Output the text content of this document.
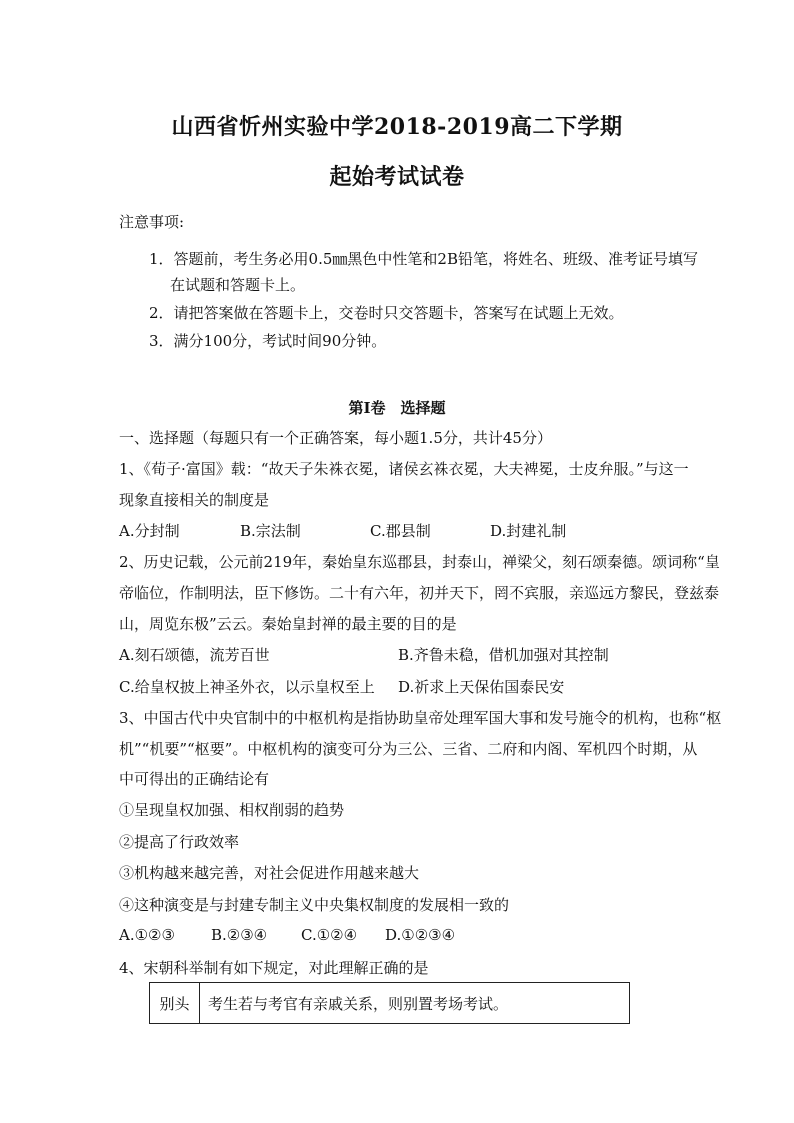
山西省忻州实验中学2018-2019高二下学期
起始考试试卷
注意事项:
1．答题前，考生务必用0.5㎜黑色中性笔和2B铅笔，将姓名、班级、准考证号填写
在试题和答题卡上。
2．请把答案做在答题卡上，交卷时只交答题卡，答案写在试题上无效。
3．满分100分，考试时间90分钟。
第Ⅰ卷　选择题
一、选择题（每题只有一个正确答案，每小题1.5分，共计45分）
1、《荀子·富国》载：“故天子朱袾衣冕，诸侯玄袾衣冕，大夫裨冕，士皮弁服。”与这一
现象直接相关的制度是
A.分封制	B.宗法制	C.郡县制	D.封建礼制
2、历史记载，公元前219年，秦始皇东巡郡县，封泰山，禅梁父，刻石颂秦德。颂词称“皇
帝临位，作制明法，臣下修饬。二十有六年，初并天下，罔不宾服，亲巡远方黎民，登兹泰
山，周览东极”云云。秦始皇封禅的最主要的目的是
A.刻石颂德，流芳百世	B.齐鲁未稳，借机加强对其控制
C.给皇权披上神圣外衣，以示皇权至上 D.祈求上天保佑国泰民安
3、中国古代中央官制中的中枢机构是指协助皇帝处理军国大事和发号施令的机构，也称“枢
机”“机要”“枢要”。中枢机构的演变可分为三公、三省、二府和内阁、军机四个时期，从
中可得出的正确结论有
①呈现皇权加强、相权削弱的趋势
②提高了行政效率
③机构越来越完善，对社会促进作用越来越大
④这种演变是与封建专制主义中央集权制度的发展相一致的
A.①②③ B.②③④ C.①②④ D.①②③④
4、宋朝科举制有如下规定，对此理解正确的是
别头	考生若与考官有亲戚关系，则别置考场考试。
